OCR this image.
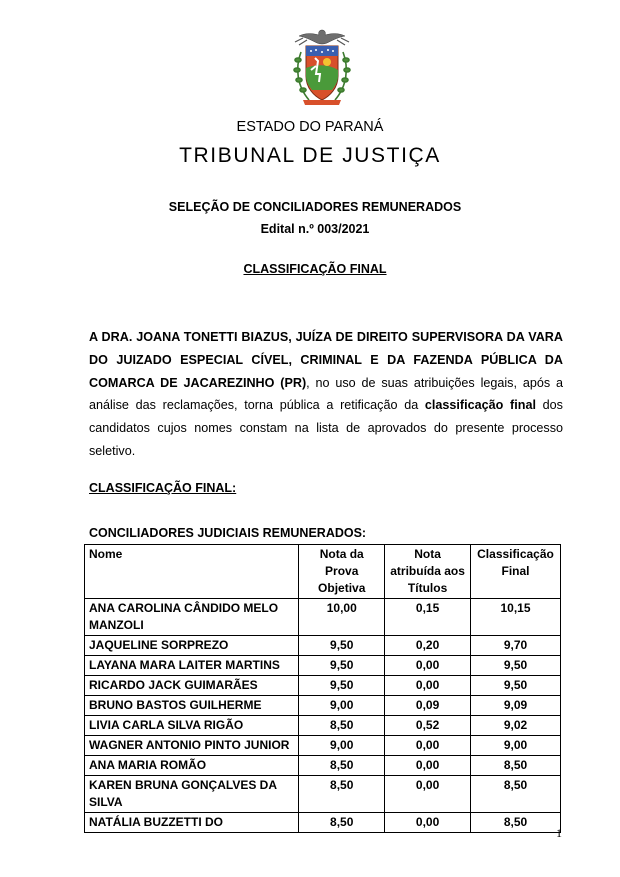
ESTADO DO PARANÁ
TRIBUNAL DE JUSTIÇA
SELEÇÃO DE CONCILIADORES REMUNERADOS
Edital n.º 003/2021
CLASSIFICAÇÃO FINAL
A DRA. JOANA TONETTI BIAZUS, JUÍZA DE DIREITO SUPERVISORA DA VARA DO JUIZADO ESPECIAL CÍVEL, CRIMINAL E DA FAZENDA PÚBLICA DA COMARCA DE JACAREZINHO (PR), no uso de suas atribuições legais, após a análise das reclamações, torna pública a retificação da classificação final dos candidatos cujos nomes constam na lista de aprovados do presente processo seletivo.
CLASSIFICAÇÃO FINAL:
CONCILIADORES JUDICIAIS REMUNERADOS:
Nome	Nota da Prova Objetiva	Nota atribuída aos Títulos	Classificação Final
ANA CAROLINA CÂNDIDO MELO MANZOLI	10,00	0,15	10,15
JAQUELINE SORPREZO	9,50	0,20	9,70
LAYANA MARA LAITER MARTINS	9,50	0,00	9,50
RICARDO JACK GUIMARÃES	9,50	0,00	9,50
BRUNO BASTOS GUILHERME	9,00	0,09	9,09
LIVIA CARLA SILVA RIGÃO	8,50	0,52	9,02
WAGNER ANTONIO PINTO JUNIOR	9,00	0,00	9,00
ANA MARIA ROMÃO	8,50	0,00	8,50
KAREN BRUNA GONÇALVES DA SILVA	8,50	0,00	8,50
NATÁLIA BUZZETTI DO	8,50	0,00	8,50
1
